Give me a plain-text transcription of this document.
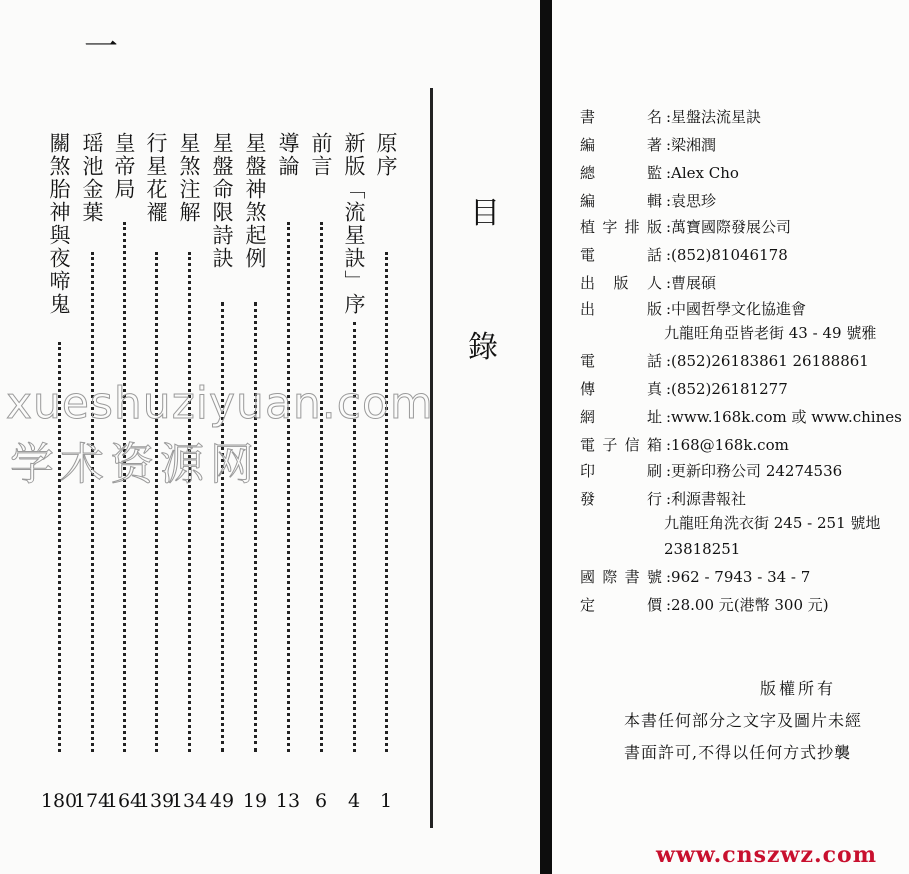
一
原序
1
新版「流星訣」序
4
前言
6
導論
13
星盤神煞起例
19
星盤命限詩訣
49
星煞注解
134
行星花襬
139
皇帝局
164
瑶池金葉
174
關煞胎神與夜啼鬼
180
目
錄
xueshuziyuan.com
学术资源网
書名 :星盤法流星訣
編著 :梁湘潤
總監 :Alex Cho
編輯 :袁思珍
植字排版 :萬寶國際發展公司
電話 :(852)81046178
出版人 :曹展碩
出版 :中國哲學文化協進會
電話 :(852)26183861 26188861
傳真 :(852)26181277
網址 :www.168k.com 或 www.chines
電子信箱 :168@168k.com
印刷 :更新印務公司 24274536
發行 :利源書報社
國際書號 :962 - 7943 - 34 - 7
定價 :28.00 元(港幣 300 元)
九龍旺角亞皆老街 43 - 49 號雅
九龍旺角洗衣街 245 - 251 號地
23818251
版權所有
本書任何部分之文字及圖片未經
書面許可,不得以任何方式抄襲
www.cnszwz.com
